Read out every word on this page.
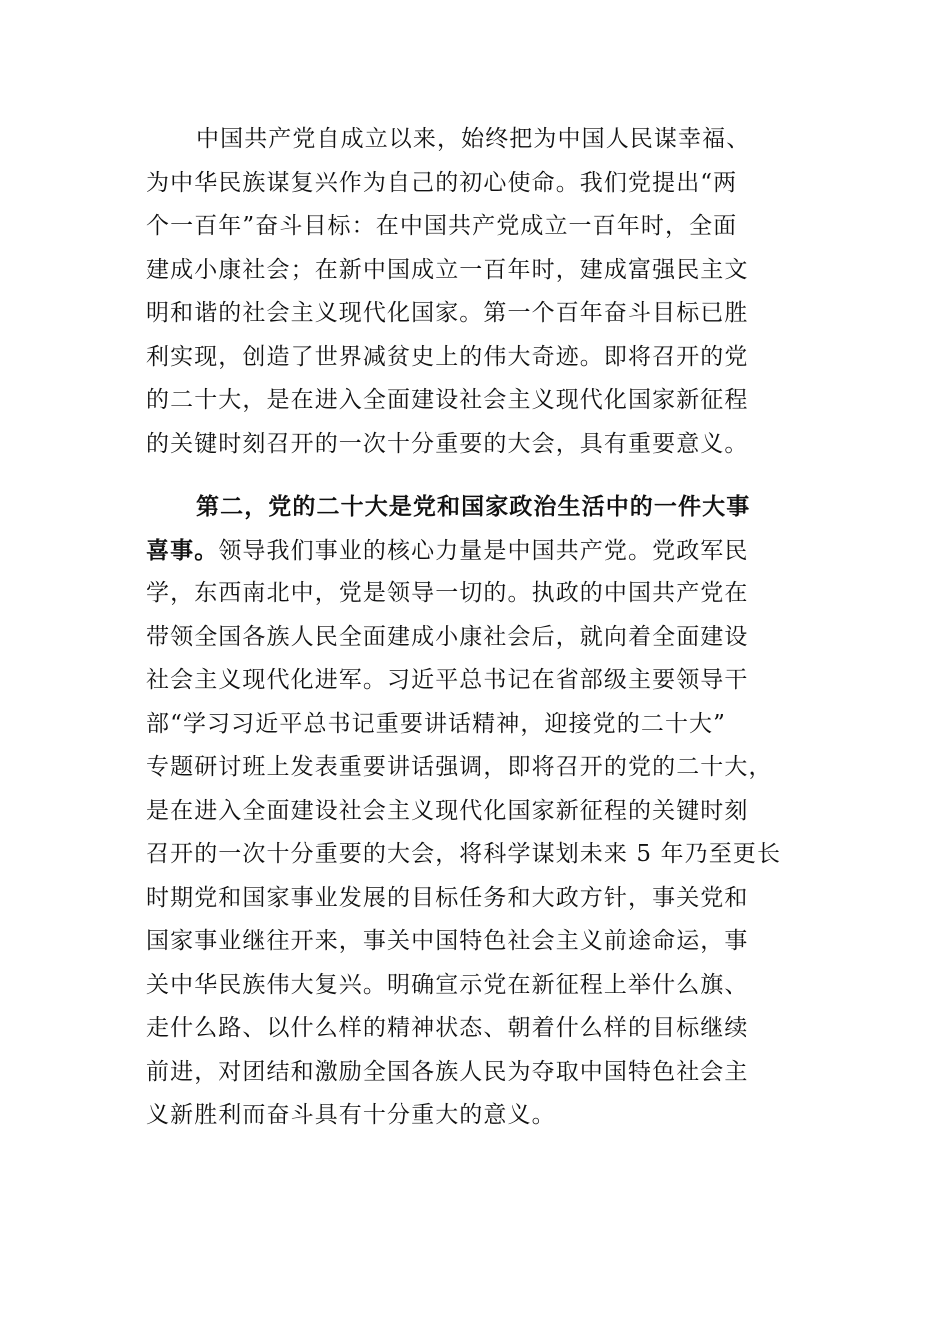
中国共产党自成立以来，始终把为中国人民谋幸福、
为中华民族谋复兴作为自己的初心使命。我们党提出“两
个一百年”奋斗目标：在中国共产党成立一百年时，全面
建成小康社会；在新中国成立一百年时，建成富强民主文
明和谐的社会主义现代化国家。第一个百年奋斗目标已胜
利实现，创造了世界减贫史上的伟大奇迹。即将召开的党
的二十大，是在进入全面建设社会主义现代化国家新征程
的关键时刻召开的一次十分重要的大会，具有重要意义。
第二，党的二十大是党和国家政治生活中的一件大事
喜事。领导我们事业的核心力量是中国共产党。党政军民
学，东西南北中，党是领导一切的。执政的中国共产党在
带领全国各族人民全面建成小康社会后，就向着全面建设
社会主义现代化进军。习近平总书记在省部级主要领导干
部“学习习近平总书记重要讲话精神，迎接党的二十大”
专题研讨班上发表重要讲话强调，即将召开的党的二十大，
是在进入全面建设社会主义现代化国家新征程的关键时刻
召开的一次十分重要的大会，将科学谋划未来 5 年乃至更长
时期党和国家事业发展的目标任务和大政方针，事关党和
国家事业继往开来，事关中国特色社会主义前途命运，事
关中华民族伟大复兴。明确宣示党在新征程上举什么旗、
走什么路、以什么样的精神状态、朝着什么样的目标继续
前进，对团结和激励全国各族人民为夺取中国特色社会主
义新胜利而奋斗具有十分重大的意义。
